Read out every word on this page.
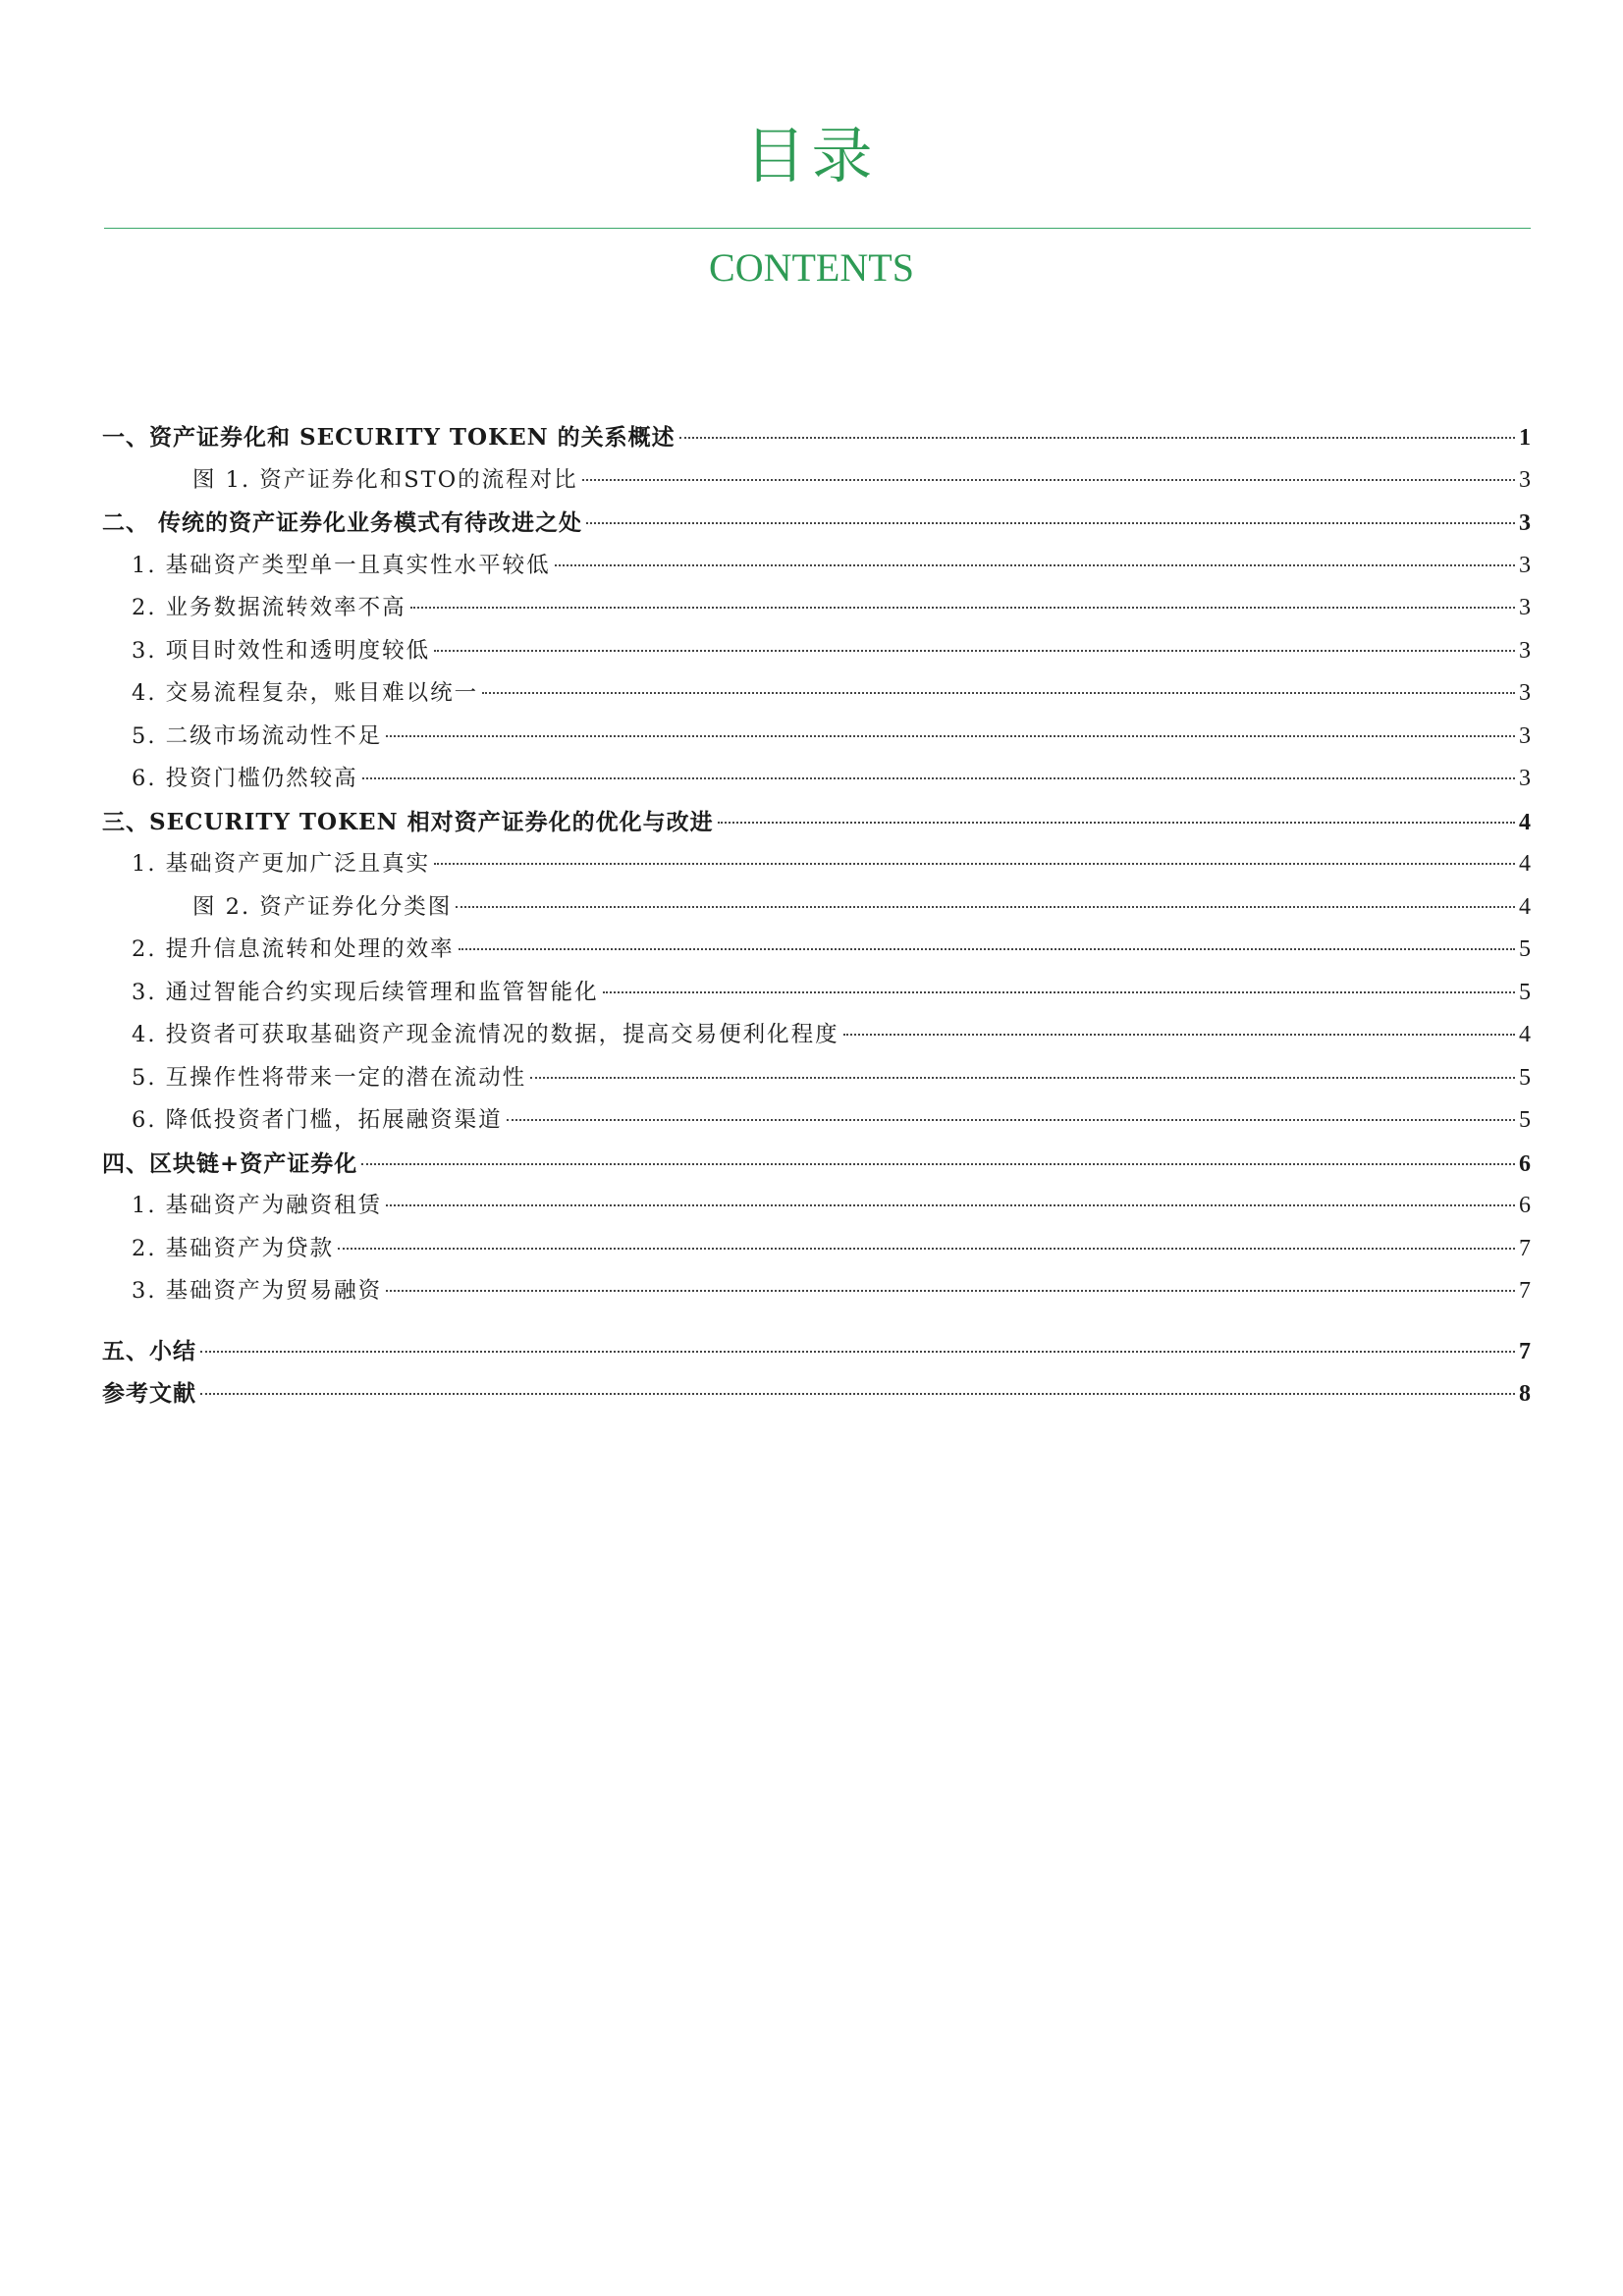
目录
CONTENTS
一、资产证券化和 SECURITY TOKEN 的关系概述	1
图 1. 资产证券化和STO的流程对比	3
二、 传统的资产证券化业务模式有待改进之处	3
1. 基础资产类型单一且真实性水平较低	3
2. 业务数据流转效率不高	3
3. 项目时效性和透明度较低	3
4. 交易流程复杂，账目难以统一	3
5. 二级市场流动性不足	3
6. 投资门槛仍然较高	3
三、SECURITY TOKEN 相对资产证券化的优化与改进	4
1. 基础资产更加广泛且真实	4
图 2. 资产证券化分类图	4
2. 提升信息流转和处理的效率	5
3. 通过智能合约实现后续管理和监管智能化	5
4. 投资者可获取基础资产现金流情况的数据，提高交易便利化程度	4
5. 互操作性将带来一定的潜在流动性	5
6. 降低投资者门槛，拓展融资渠道	5
四、区块链+资产证券化	6
1. 基础资产为融资租赁	6
2. 基础资产为贷款	7
3. 基础资产为贸易融资	7
五、小结	7
参考文献	8
